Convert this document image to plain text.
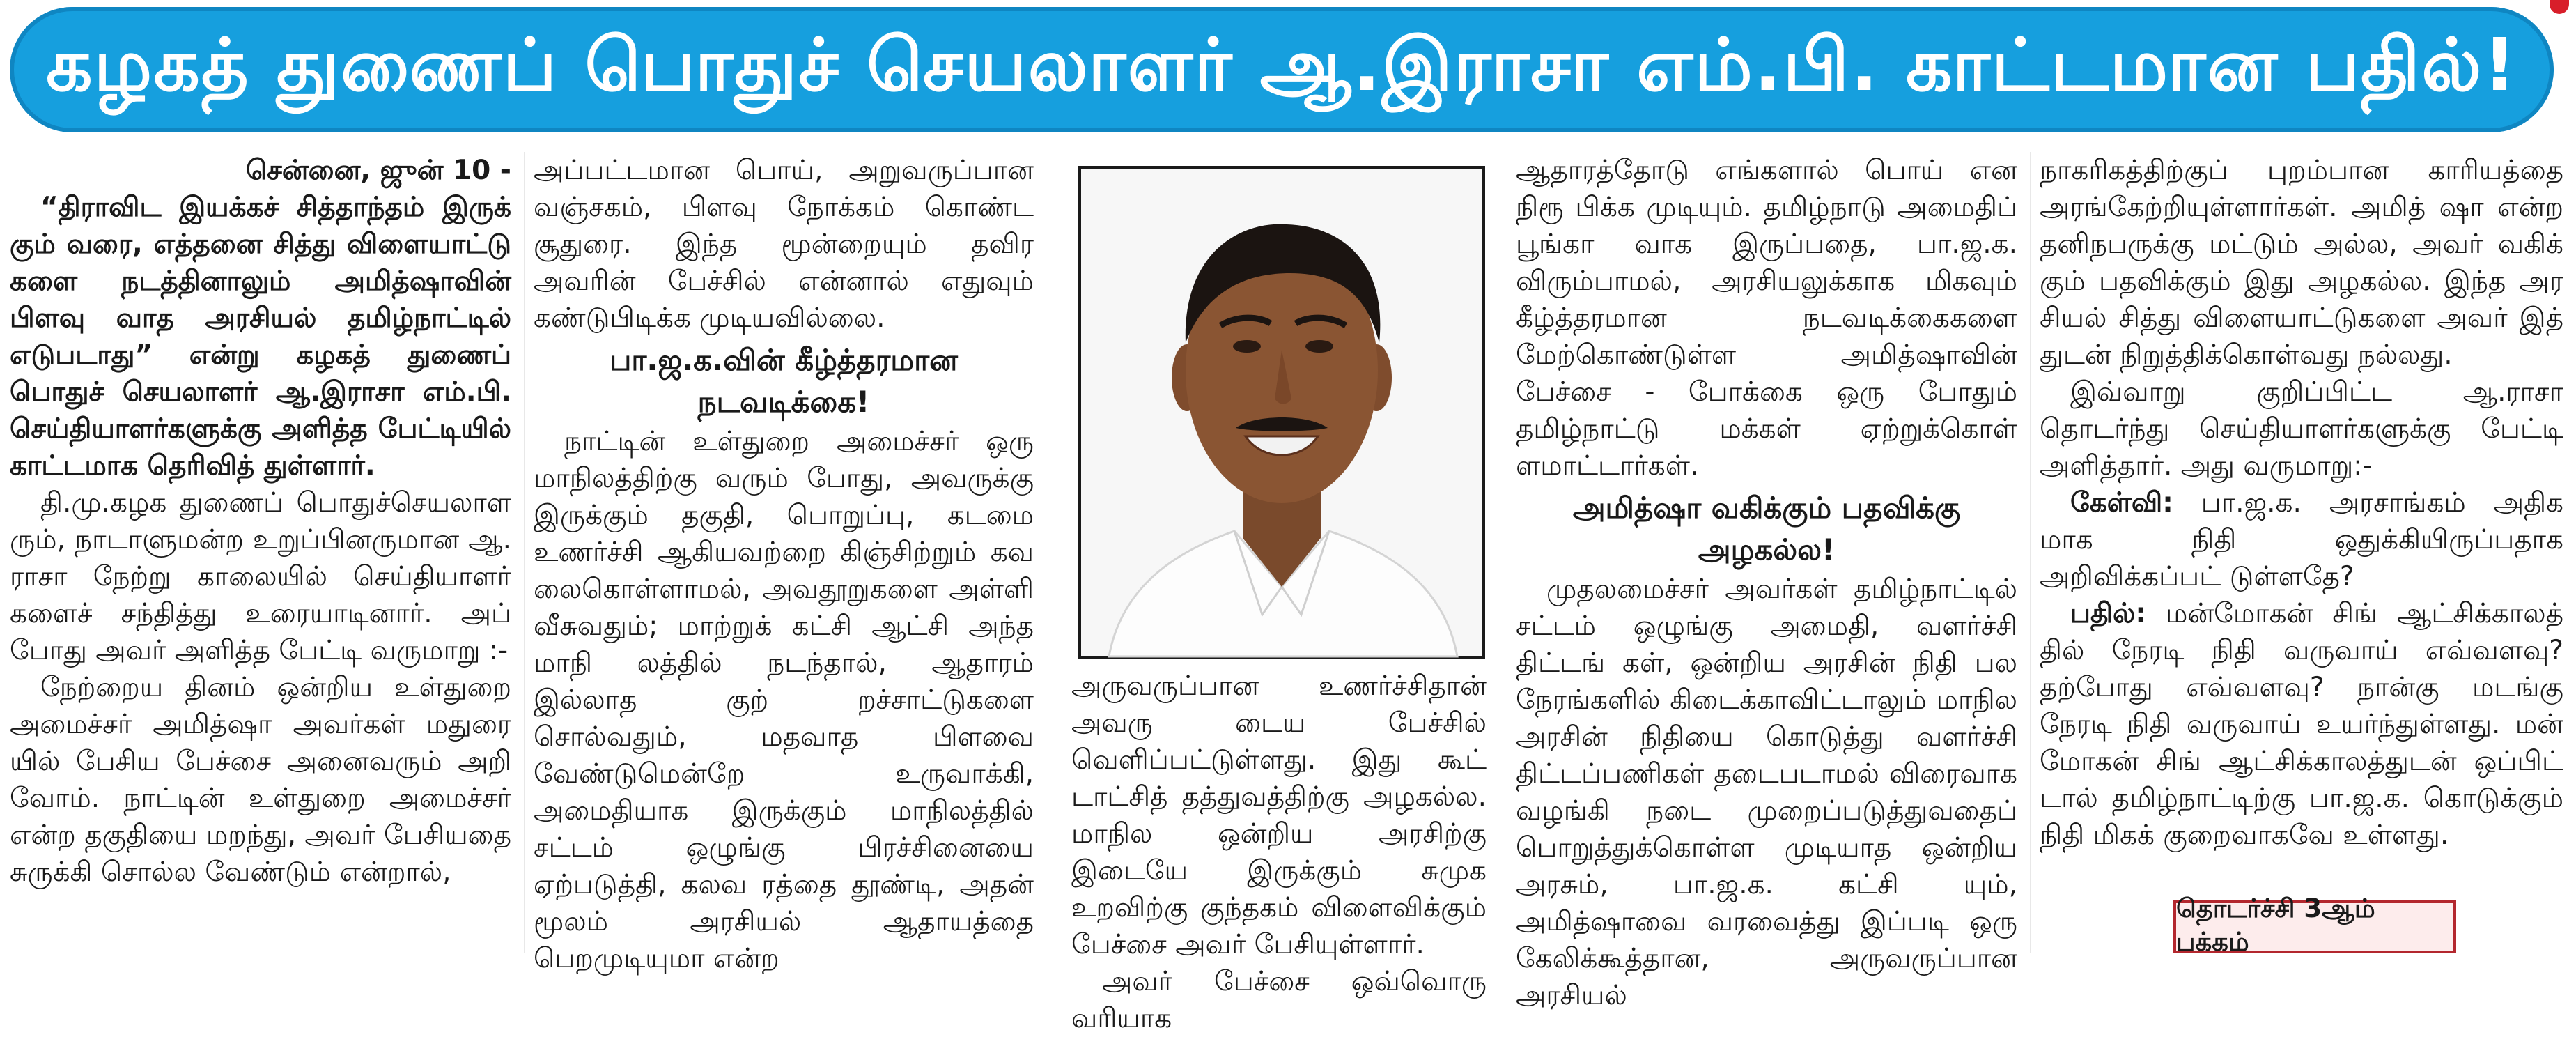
கழகத் துணைப் பொதுச் செயலாளர் ஆ.இராசா எம்.பி. காட்டமான பதில்!

சென்னை, ஜுன் 10 -

“திராவிட இயக்கச் சித்தாந்தம் இருக் கும் வரை, எத்தனை சித்து விளையாட்டு களை நடத்தினாலும் அமித்ஷாவின் பிளவு வாத அரசியல் தமிழ்நாட்டில் எடுபடாது” என்று கழகத் துணைப் பொதுச் செயலாளர் ஆ.இராசா எம்.பி. செய்தியாளர்களுக்கு அளித்த பேட்டியில் காட்டமாக தெரிவித் துள்ளார்.

தி.மு.கழக துணைப் பொதுச்செயலாள ரும், நாடாளுமன்ற உறுப்பினருமான ஆ. ராசா நேற்று காலையில் செய்தியாளர் களைச் சந்தித்து உரையாடினார். அப் போது அவர் அளித்த பேட்டி வருமாறு :-

நேற்றைய தினம் ஒன்றிய உள்துறை அமைச்சர் அமித்ஷா அவர்கள் மதுரை யில் பேசிய பேச்சை அனைவரும் அறி வோம். நாட்டின் உள்துறை அமைச்சர் என்ற தகுதியை மறந்து, அவர் பேசியதை சுருக்கி சொல்ல வேண்டும் என்றால்,

அப்பட்டமான பொய், அறுவருப்பான வஞ்சகம், பிளவு நோக்கம் கொண்ட சூதுரை. இந்த மூன்றையும் தவிர அவரின் பேச்சில் என்னால் எதுவும் கண்டுபிடிக்க முடியவில்லை.

பா.ஜ.க.வின் கீழ்த்தரமான நடவடிக்கை!

நாட்டின் உள்துறை அமைச்சர் ஒரு மாநிலத்திற்கு வரும் போது, அவருக்கு இருக்கும் தகுதி, பொறுப்பு, கடமை உணர்ச்சி ஆகியவற்றை கிஞ்சிற்றும் கவ லைகொள்ளாமல், அவதூறுகளை அள்ளி வீசுவதும்; மாற்றுக் கட்சி ஆட்சி அந்த மாநி லத்தில் நடந்தால், ஆதாரம் இல்லாத குற் றச்சாட்டுகளை சொல்வதும், மதவாத பிளவை வேண்டுமென்றே உருவாக்கி, அமைதியாக இருக்கும் மாநிலத்தில் சட்டம் ஒழுங்கு பிரச்சினையை ஏற்படுத்தி, கலவ ரத்தை தூண்டி, அதன் மூலம் அரசியல் ஆதாயத்தை பெறமுடியுமா என்ற

அருவருப்பான உணர்ச்சிதான் அவரு டைய பேச்சில் வெளிப்பட்டுள்ளது. இது கூட் டாட்சித் தத்துவத்திற்கு அழகல்ல. மாநில ஒன்றிய அரசிற்கு இடையே இருக்கும் சுமுக உறவிற்கு குந்தகம் விளைவிக்கும் பேச்சை அவர் பேசியுள்ளார்.

அவர் பேச்சை ஒவ்வொரு வரியாக

ஆதாரத்தோடு எங்களால் பொய் என நிரூ பிக்க முடியும். தமிழ்நாடு அமைதிப் பூங்கா வாக இருப்பதை, பா.ஜ.க. விரும்பாமல், அரசியலுக்காக மிகவும் கீழ்த்தரமான நடவடிக்கைகளை மேற்கொண்டுள்ள அமித்ஷாவின் பேச்சை - போக்கை ஒரு போதும் தமிழ்நாட்டு மக்கள் ஏற்றுக்கொள் ளமாட்டார்கள்.

அமித்ஷா வகிக்கும் பதவிக்கு அழகல்ல!

முதலமைச்சர் அவர்கள் தமிழ்நாட்டில் சட்டம் ஒழுங்கு அமைதி, வளர்ச்சி திட்டங் கள், ஒன்றிய அரசின் நிதி பல நேரங்களில் கிடைக்காவிட்டாலும் மாநில அரசின் நிதியை கொடுத்து வளர்ச்சி திட்டப்பணிகள் தடைபடாமல் விரைவாக வழங்கி நடை முறைப்படுத்துவதைப் பொறுத்துக்கொள்ள முடியாத ஒன்றிய அரசும், பா.ஜ.க. கட்சி யும், அமித்ஷாவை வரவைத்து இப்படி ஒரு கேலிக்கூத்தான, அருவருப்பான அரசியல்

நாகரிகத்திற்குப் புறம்பான காரியத்தை அரங்கேற்றியுள்ளார்கள். அமித் ஷா என்ற தனிநபருக்கு மட்டும் அல்ல, அவர் வகிக் கும் பதவிக்கும் இது அழகல்ல. இந்த அர சியல் சித்து விளையாட்டுகளை அவர் இத் துடன் நிறுத்திக்கொள்வது நல்லது.

இவ்வாறு குறிப்பிட்ட ஆ.ராசா தொடர்ந்து செய்தியாளர்களுக்கு பேட்டி அளித்தார். அது வருமாறு:-

கேள்வி: பா.ஜ.க. அரசாங்கம் அதிக மாக நிதி ஒதுக்கியிருப்பதாக அறிவிக்கப்பட் டுள்ளதே?

பதில்: மன்மோகன் சிங் ஆட்சிக்காலத் தில் நேரடி நிதி வருவாய் எவ்வளவு? தற்போது எவ்வளவு? நான்கு மடங்கு நேரடி நிதி வருவாய் உயர்ந்துள்ளது. மன் மோகன் சிங் ஆட்சிக்காலத்துடன் ஒப்பிட் டால் தமிழ்நாட்டிற்கு பா.ஜ.க. கொடுக்கும் நிதி மிகக் குறைவாகவே உள்ளது.

தொடர்ச்சி 3ஆம் பக்கம்
